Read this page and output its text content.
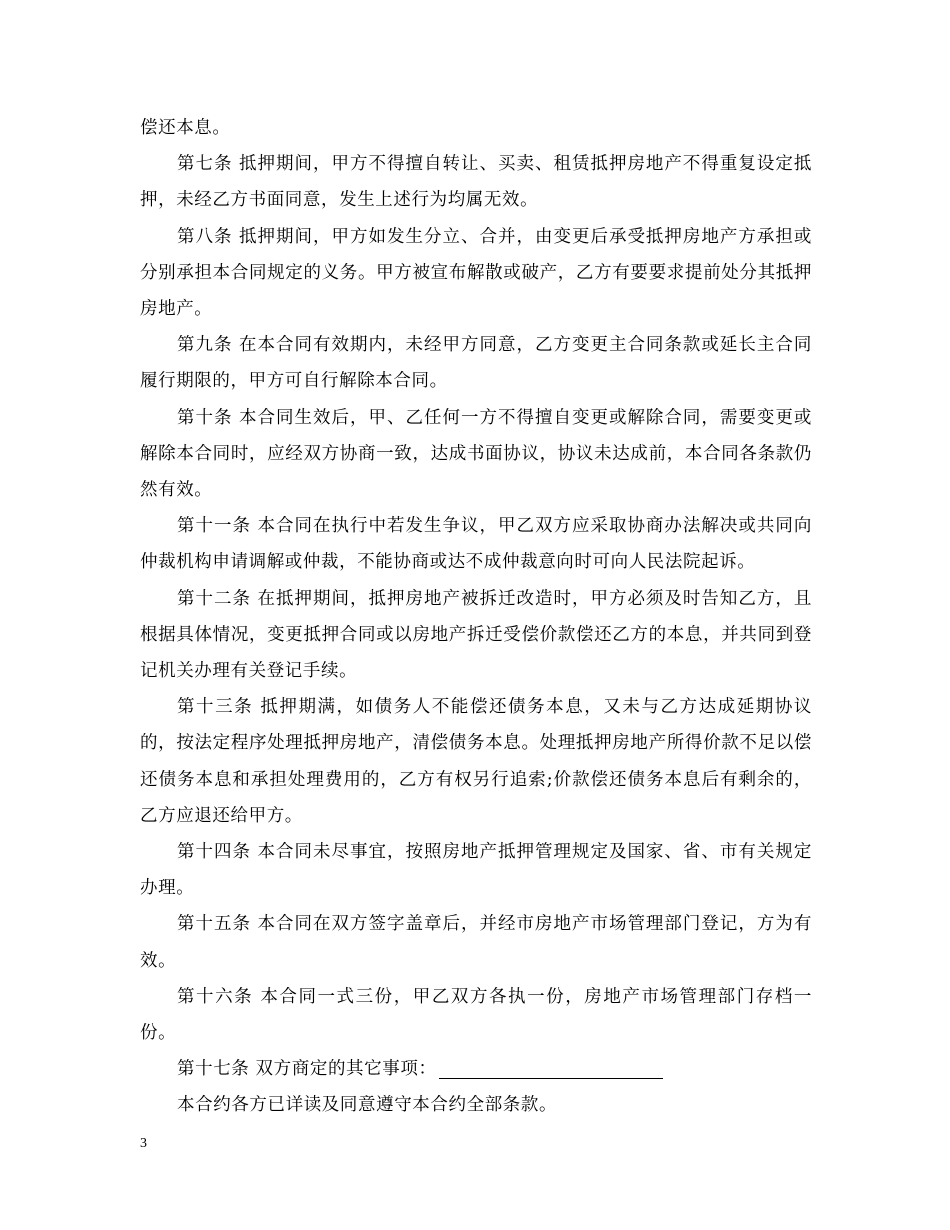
偿还本息。

第七条 抵押期间，甲方不得擅自转让、买卖、租赁抵押房地产不得重复设定抵押，未经乙方书面同意，发生上述行为均属无效。

第八条 抵押期间，甲方如发生分立、合并，由变更后承受抵押房地产方承担或分别承担本合同规定的义务。甲方被宣布解散或破产，乙方有要要求提前处分其抵押房地产。

第九条 在本合同有效期内，未经甲方同意，乙方变更主合同条款或延长主合同履行期限的，甲方可自行解除本合同。

第十条 本合同生效后，甲、乙任何一方不得擅自变更或解除合同，需要变更或解除本合同时，应经双方协商一致，达成书面协议，协议未达成前，本合同各条款仍然有效。

第十一条 本合同在执行中若发生争议，甲乙双方应采取协商办法解决或共同向仲裁机构申请调解或仲裁，不能协商或达不成仲裁意向时可向人民法院起诉。

第十二条 在抵押期间，抵押房地产被拆迁改造时，甲方必须及时告知乙方，且根据具体情况，变更抵押合同或以房地产拆迁受偿价款偿还乙方的本息，并共同到登记机关办理有关登记手续。

第十三条 抵押期满，如债务人不能偿还债务本息，又未与乙方达成延期协议的，按法定程序处理抵押房地产，清偿债务本息。处理抵押房地产所得价款不足以偿还债务本息和承担处理费用的，乙方有权另行追索;价款偿还债务本息后有剩余的，乙方应退还给甲方。

第十四条 本合同未尽事宜，按照房地产抵押管理规定及国家、省、市有关规定办理。

第十五条 本合同在双方签字盖章后，并经市房地产市场管理部门登记，方为有效。

第十六条 本合同一式三份，甲乙双方各执一份，房地产市场管理部门存档一份。

第十七条 双方商定的其它事项：

本合约各方已详读及同意遵守本合约全部条款。

3
